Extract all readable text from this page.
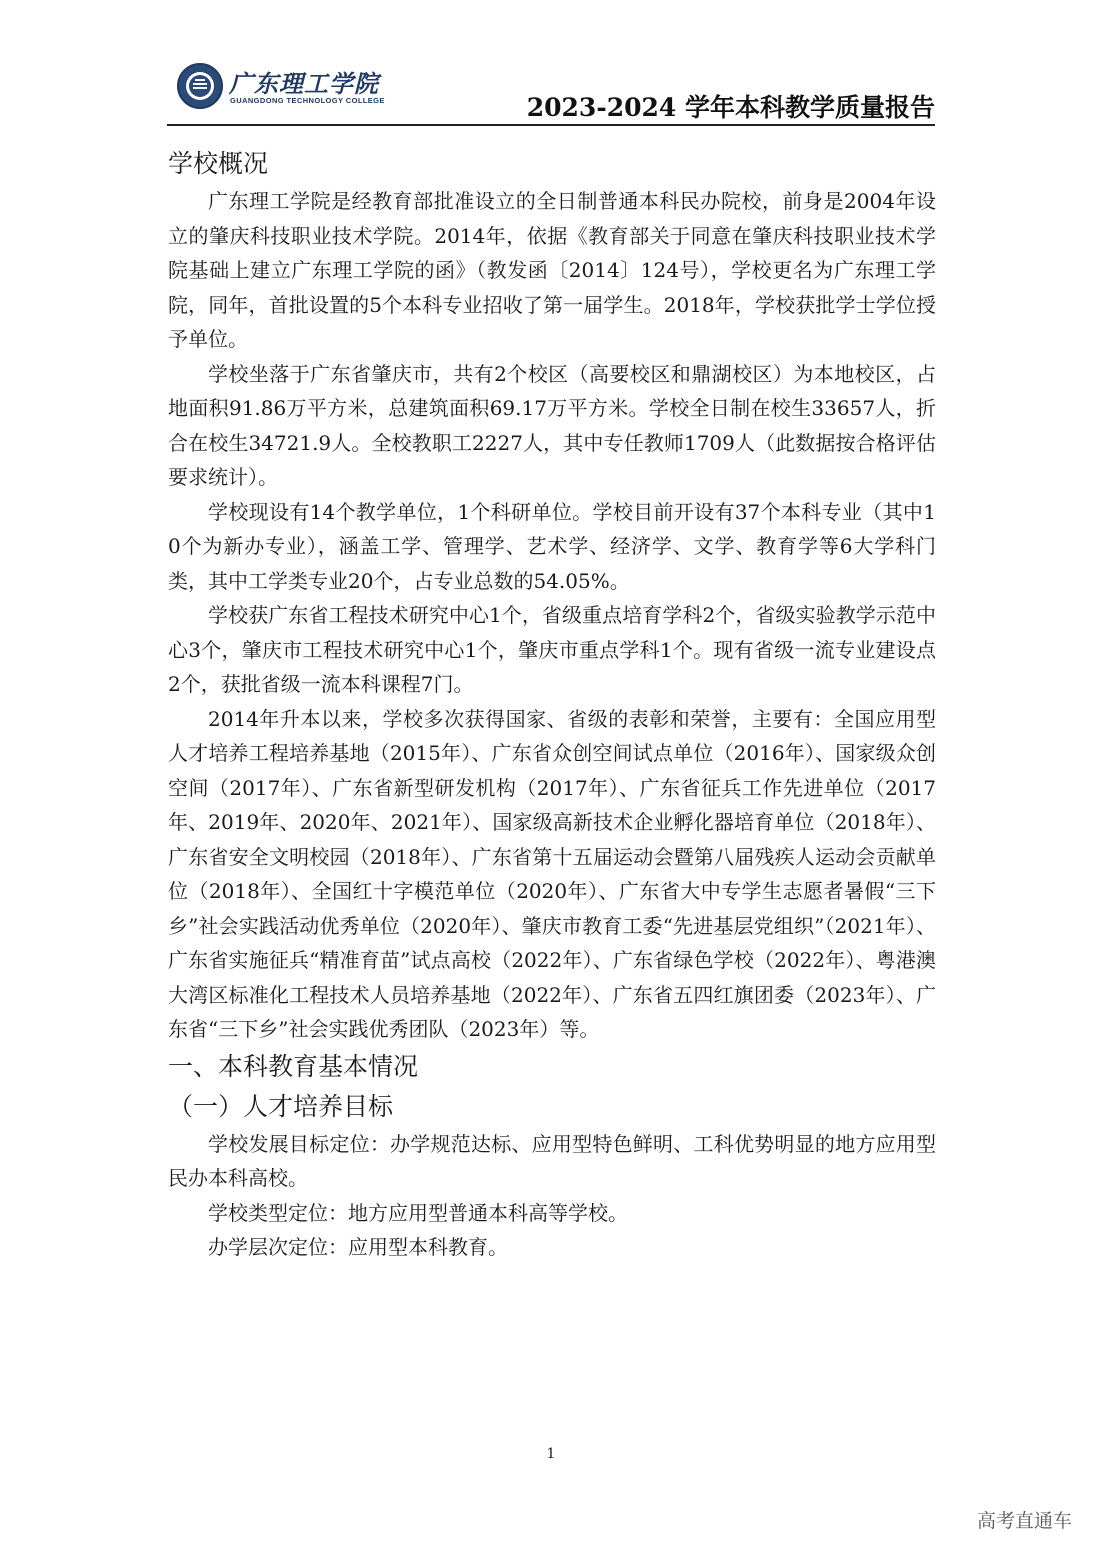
广东理工学院
GUANGDONG TECHNOLOGY COLLEGE	2023-2024 学年本科教学质量报告
学校概况

广东理工学院是经教育部批准设立的全日制普通本科民办院校，前身是2004年设立的肇庆科技职业技术学院。2014年，依据《教育部关于同意在肇庆科技职业技术学院基础上建立广东理工学院的函》（教发函〔2014〕124号），学校更名为广东理工学院，同年，首批设置的5个本科专业招收了第一届学生。2018年，学校获批学士学位授予单位。

学校坐落于广东省肇庆市，共有2个校区（高要校区和鼎湖校区）为本地校区，占地面积91.86万平方米，总建筑面积69.17万平方米。学校全日制在校生33657人，折合在校生34721.9人。全校教职工2227人，其中专任教师1709人（此数据按合格评估要求统计）。

学校现设有14个教学单位，1个科研单位。学校目前开设有37个本科专业（其中10个为新办专业），涵盖工学、管理学、艺术学、经济学、文学、教育学等6大学科门类，其中工学类专业20个，占专业总数的54.05%。

学校获广东省工程技术研究中心1个，省级重点培育学科2个，省级实验教学示范中心3个，肇庆市工程技术研究中心1个，肇庆市重点学科1个。现有省级一流专业建设点2个，获批省级一流本科课程7门。

2014年升本以来，学校多次获得国家、省级的表彰和荣誉，主要有：全国应用型人才培养工程培养基地（2015年）、广东省众创空间试点单位（2016年）、国家级众创空间（2017年）、广东省新型研发机构（2017年）、广东省征兵工作先进单位（2017年、2019年、2020年、2021年）、国家级高新技术企业孵化器培育单位（2018年）、广东省安全文明校园（2018年）、广东省第十五届运动会暨第八届残疾人运动会贡献单位（2018年）、全国红十字模范单位（2020年）、广东省大中专学生志愿者暑假“三下乡”社会实践活动优秀单位（2020年）、肇庆市教育工委“先进基层党组织”（2021年）、广东省实施征兵“精准育苗”试点高校（2022年）、广东省绿色学校（2022年）、粤港澳大湾区标准化工程技术人员培养基地（2022年）、广东省五四红旗团委（2023年）、广东省“三下乡”社会实践优秀团队（2023年）等。

一、本科教育基本情况
（一）人才培养目标

学校发展目标定位：办学规范达标、应用型特色鲜明、工科优势明显的地方应用型民办本科高校。

学校类型定位：地方应用型普通本科高等学校。

办学层次定位：应用型本科教育。

1
高考直通车
